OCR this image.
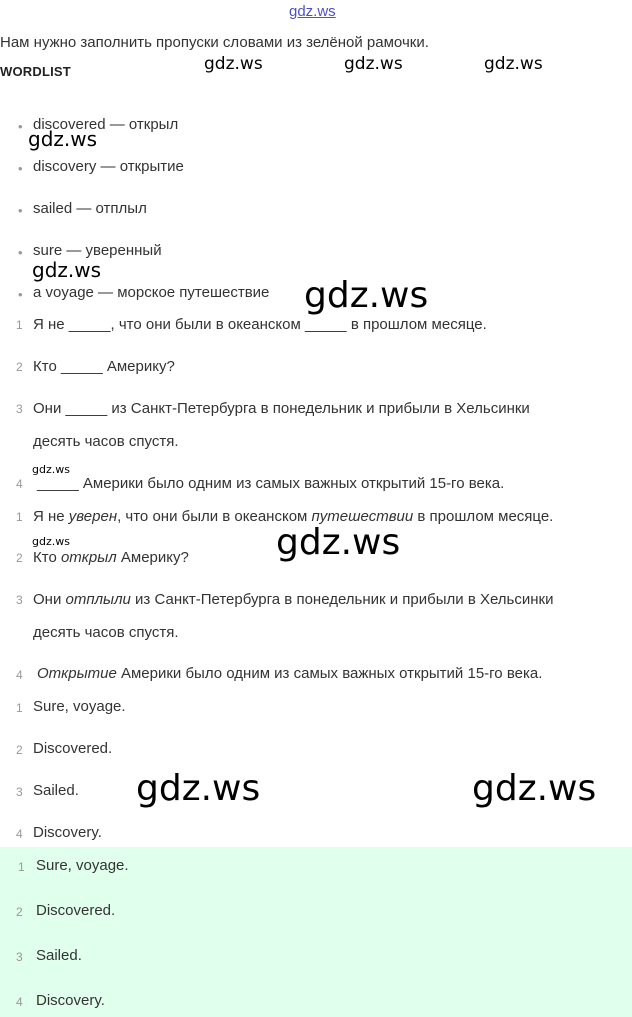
gdz.ws
Нам нужно заполнить пропуски словами из зелёной рамочки.
WORDLIST
• discovered — открыл
• discovery — открытие
• sailed — отплыл
• sure — уверенный
• a voyage — морское путешествие
1 Я не _____, что они были в океанском _____ в прошлом месяце.
2 Кто _____ Америку?
3 Они _____ из Санкт-Петербурга в понедельник и прибыли в Хельсинки
десять часов спустя.
4 _____ Америки было одним из самых важных открытий 15-го века.
1 Я не уверен, что они были в океанском путешествии в прошлом месяце.
2 Кто открыл Америку?
3 Они отплыли из Санкт-Петербурга в понедельник и прибыли в Хельсинки
десять часов спустя.
4 Открытие Америки было одним из самых важных открытий 15-го века.
1 Sure, voyage.
2 Discovered.
3 Sailed.
4 Discovery.
1 Sure, voyage.
2 Discovered.
3 Sailed.
4 Discovery.
gdz.ws	gdz.ws	gdz.ws
gdz.ws
gdz.ws
gdz.ws
gdz.ws
gdz.ws	gdz.ws
gdz.ws	gdz.ws
